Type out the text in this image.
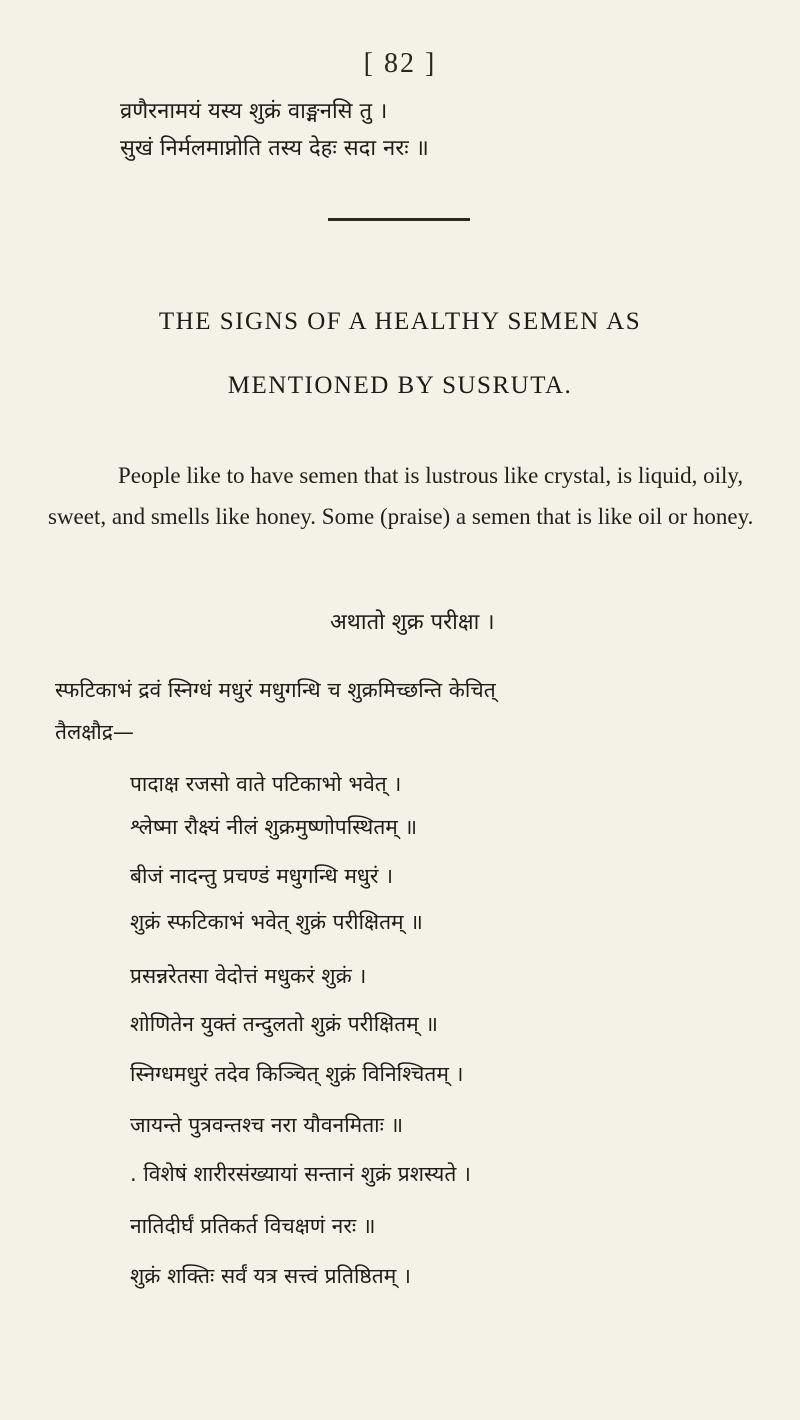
[ 82 ]
व्रणैरनामयं यस्य शुक्रं वाङ्मनसि तु ।
सुखं निर्मलमाप्नोति तस्य देहः सदा नरः ॥
THE SIGNS OF A HEALTHY SEMEN AS
MENTIONED BY SUSRUTA.
People like to have semen that is lustrous like crystal, is liquid, oily, sweet, and smells like honey. Some (praise) a semen that is like oil or honey.
अथातो शुक्र परीक्षा ।
स्फटिकाभं द्रवं स्निग्धं मधुरं मधुगन्धि च शुक्रमिच्छन्ति केचित्
तैलक्षौद्र—
पादाक्ष रजसो वाते पटिकाभो भवेत् ।
श्लेष्मा रौक्ष्यं नीलं शुक्रमुष्णोपस्थितम् ॥
बीजं नादन्तु प्रचण्डं मधुगन्धि मधुरं ।
शुक्रं स्फटिकाभं भवेत् शुक्रं परीक्षितम् ॥
प्रसन्नरेतसा वेदोत्तं मधुकरं शुक्रं ।
शोणितेन युक्तं तन्दुलतो शुक्रं परीक्षितम् ॥
स्निग्धमधुरं तदेव किञ्चित् शुक्रं विनिश्चितम् ।
जायन्ते पुत्रवन्तश्च नरा यौवनमिताः ॥
. विशेषं शारीरसंख्यायां सन्तानं शुक्रं प्रशस्यते ।
नातिदीर्घं प्रतिकर्त विचक्षणं नरः ॥
शुक्रं शक्तिः सर्वं यत्र सत्त्वं प्रतिष्ठितम् ।
